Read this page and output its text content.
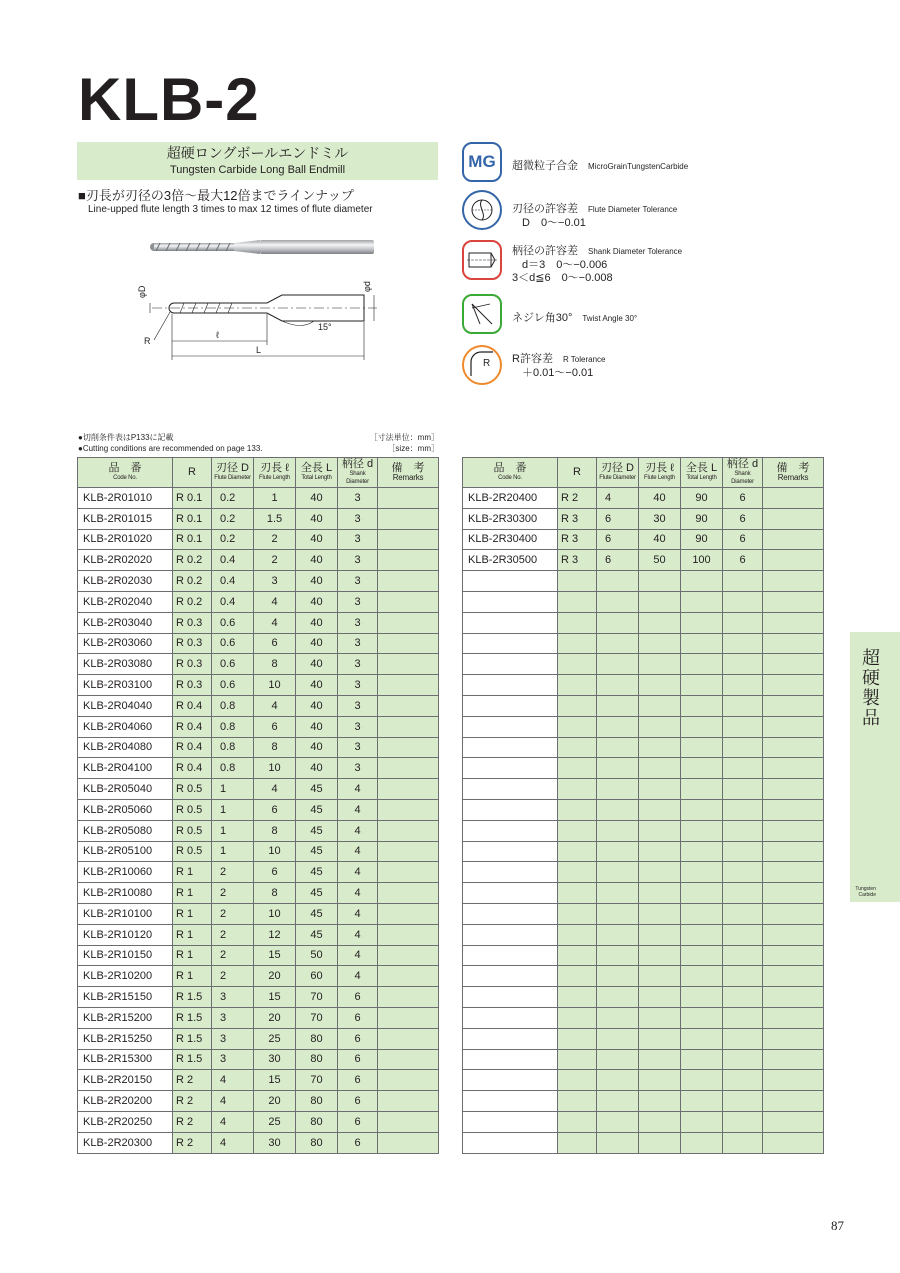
KLB-2
超硬ロングボールエンドミル
Tungsten Carbide Long Ball Endmill
■刃長が刃径の3倍〜最大12倍までラインナップ
Line-upped flute length 3 times to max 12 times of flute diameter
φD	φd
15°
R
ℓ
L
MG 超微粒子合金 MicroGrainTungstenCarbide
刃径の許容差 Flute Diameter Tolerance
D　0〜−0.01
柄径の許容差 Shank Diameter Tolerance
d＝3　0〜−0.006
3＜d≦6　0〜−0.008
ネジレ角30° Twist Angle 30°
R R許容差 R Tolerance
＋0.01〜−0.01
●切削条件表はP133に記載
●Cutting conditions are recommended on page 133.
［寸法単位：mm］
［size：mm］
品　番
Code No.	R	刃径 D
Flute Diameter	刃長 ℓ
Flute Length	全長 L
Total Length	柄径 d
Shank Diameter	備　考
Remarks

KLB-2R01010	R 0.1	0.2	1	40	3	
KLB-2R01015	R 0.1	0.2	1.5	40	3	
KLB-2R01020	R 0.1	0.2	2	40	3	
KLB-2R02020	R 0.2	0.4	2	40	3	
KLB-2R02030	R 0.2	0.4	3	40	3	
KLB-2R02040	R 0.2	0.4	4	40	3	
KLB-2R03040	R 0.3	0.6	4	40	3	
KLB-2R03060	R 0.3	0.6	6	40	3	
KLB-2R03080	R 0.3	0.6	8	40	3	
KLB-2R03100	R 0.3	0.6	10	40	3	
KLB-2R04040	R 0.4	0.8	4	40	3	
KLB-2R04060	R 0.4	0.8	6	40	3	
KLB-2R04080	R 0.4	0.8	8	40	3	
KLB-2R04100	R 0.4	0.8	10	40	3	
KLB-2R05040	R 0.5	1	4	45	4	
KLB-2R05060	R 0.5	1	6	45	4	
KLB-2R05080	R 0.5	1	8	45	4	
KLB-2R05100	R 0.5	1	10	45	4	
KLB-2R10060	R 1	2	6	45	4	
KLB-2R10080	R 1	2	8	45	4	
KLB-2R10100	R 1	2	10	45	4	
KLB-2R10120	R 1	2	12	45	4	
KLB-2R10150	R 1	2	15	50	4	
KLB-2R10200	R 1	2	20	60	4	
KLB-2R15150	R 1.5	3	15	70	6	
KLB-2R15200	R 1.5	3	20	70	6	
KLB-2R15250	R 1.5	3	25	80	6	
KLB-2R15300	R 1.5	3	30	80	6	
KLB-2R20150	R 2	4	15	70	6	
KLB-2R20200	R 2	4	20	80	6	
KLB-2R20250	R 2	4	25	80	6	
KLB-2R20300	R 2	4	30	80	6	
品　番
Code No.	R	刃径 D
Flute Diameter	刃長 ℓ
Flute Length	全長 L
Total Length	柄径 d
Shank Diameter	備　考
Remarks

KLB-2R20400	R 2	4	40	90	6	
KLB-2R30300	R 3	6	30	90	6	
KLB-2R30400	R 3	6	40	90	6	
KLB-2R30500	R 3	6	50	100	6	

超硬製品
Tungsten
Carbide
87
